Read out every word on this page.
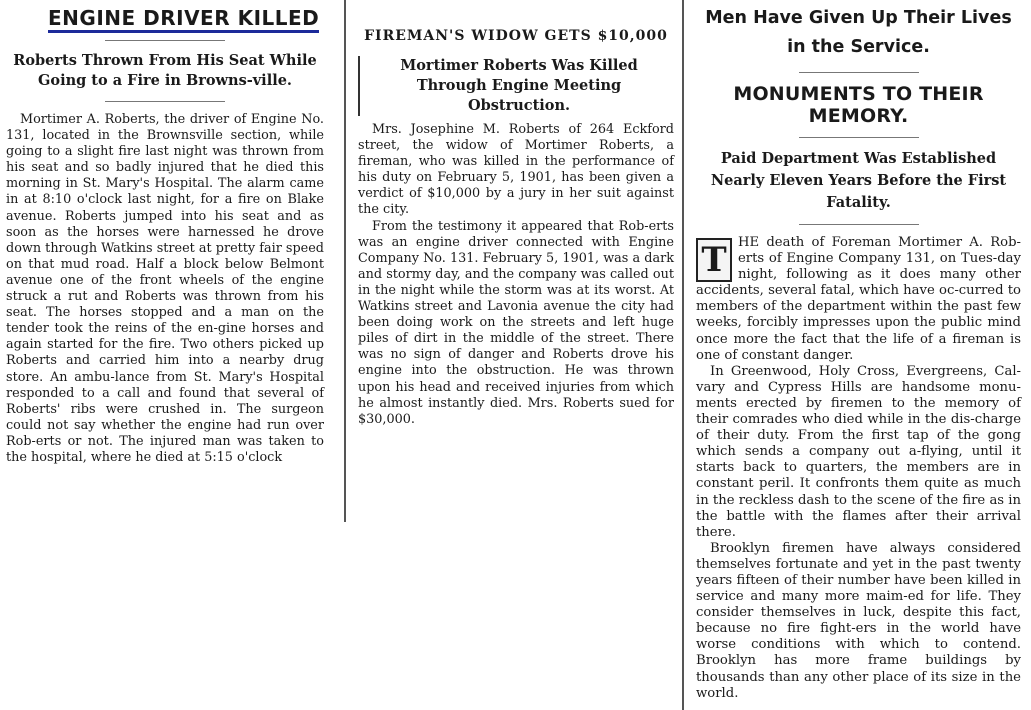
ENGINE DRIVER KILLED
Roberts Thrown From His Seat While Going to a Fire in Browns-ville.

Mortimer A. Roberts, the driver of Engine No. 131, located in the Brownsville section, while going to a slight fire last night was thrown from his seat and so badly injured that he died this morning in St. Mary's Hospital. The alarm came in at 8:10 o'clock last night, for a fire on Blake avenue. Roberts jumped into his seat and as soon as the horses were harnessed he drove down through Watkins street at pretty fair speed on that mud road. Half a block below Belmont avenue one of the front wheels of the engine struck a rut and Roberts was thrown from his seat. The horses stopped and a man on the tender took the reins of the en-gine horses and again started for the fire. Two others picked up Roberts and carried him into a nearby drug store. An ambu-lance from St. Mary's Hospital responded to a call and found that several of Roberts' ribs were crushed in. The surgeon could not say whether the engine had run over Rob-erts or not. The injured man was taken to the hospital, where he died at 5:15 o'clock

FIREMAN'S WIDOW GETS $10,000
Mortimer Roberts Was Killed Through Engine Meeting Obstruction.

Mrs. Josephine M. Roberts of 264 Eckford street, the widow of Mortimer Roberts, a fireman, who was killed in the performance of his duty on February 5, 1901, has been given a verdict of $10,000 by a jury in her suit against the city.

From the testimony it appeared that Rob-erts was an engine driver connected with Engine Company No. 131. February 5, 1901, was a dark and stormy day, and the company was called out in the night while the storm was at its worst. At Watkins street and Lavonia avenue the city had been doing work on the streets and left huge piles of dirt in the middle of the street. There was no sign of danger and Roberts drove his engine into the obstruction. He was thrown upon his head and received injuries from which he almost instantly died. Mrs. Roberts sued for $30,000.

Men Have Given Up Their Lives in the Service.
MONUMENTS TO THEIR MEMORY.
Paid Department Was Established Nearly Eleven Years Before the First Fatality.

T HE death of Foreman Mortimer A. Rob-erts of Engine Company 131, on Tues-day night, following as it does many other accidents, several fatal, which have oc-curred to members of the department within the past few weeks, forcibly impresses upon the public mind once more the fact that the life of a fireman is one of constant danger.

In Greenwood, Holy Cross, Evergreens, Cal-vary and Cypress Hills are handsome monu-ments erected by firemen to the memory of their comrades who died while in the dis-charge of their duty. From the first tap of the gong which sends a company out a-flying, until it starts back to quarters, the members are in constant peril. It confronts them quite as much in the reckless dash to the scene of the fire as in the battle with the flames after their arrival there.

Brooklyn firemen have always considered themselves fortunate and yet in the past twenty years fifteen of their number have been killed in service and many more maim-ed for life. They consider themselves in luck, despite this fact, because no fire fight-ers in the world have worse conditions with which to contend. Brooklyn has more frame buildings by thousands than any other place of its size in the world.
